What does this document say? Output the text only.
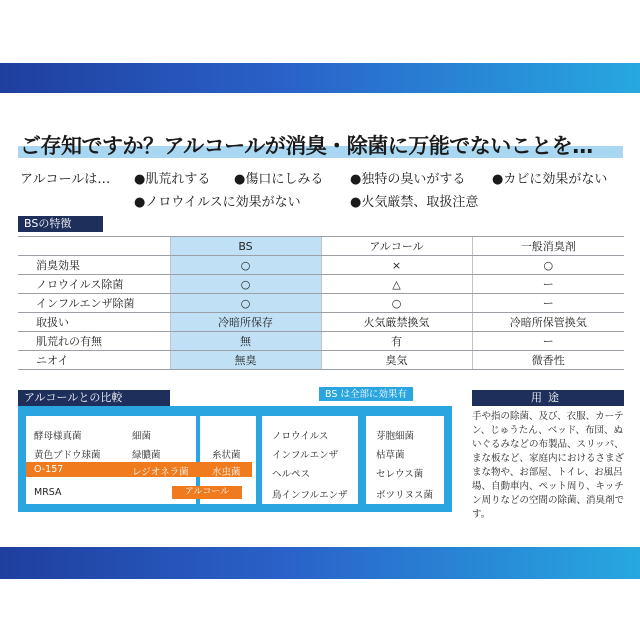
ご存知ですか？アルコールが消臭・除菌に万能でないことを…
アルコールは… ●肌荒れする ●傷口にしみる ●独特の臭いがする ●カビに効果がない
●ノロウイルスに効果がない	●火気厳禁、取扱注意
BSの特徴
	BS	アルコール	一般消臭剤
消臭効果	○	×	○
ノロウイルス除菌	○	△	ー
インフルエンザ除菌	○	○	ー
取扱い	冷暗所保存	火気厳禁換気	冷暗所保管換気
肌荒れの有無	無	有	ー
ニオイ	無臭	臭気	微香性
アルコールとの比較	BS は全部に効果有
酵母様真菌
黄色ブドウ球菌
O-157
MRSA
細菌
緑膿菌
レジオネラ菌
糸状菌
水虫菌
ノロウイルス
インフルエンザ
ヘルペス
鳥インフルエンザ
芽胞細菌
枯草菌
セレウス菌
ボツリヌス菌
アルコール
用途
手や指の除菌、及び、衣服、カーテン、じゅうたん、ベッド、布団、ぬいぐるみなどの布製品、スリッパ、まな板など、家庭内におけるさまざまな物や、お部屋、トイレ、お風呂場、自動車内、ペット周り、キッチン周りなどの空間の除菌、消臭剤です。
